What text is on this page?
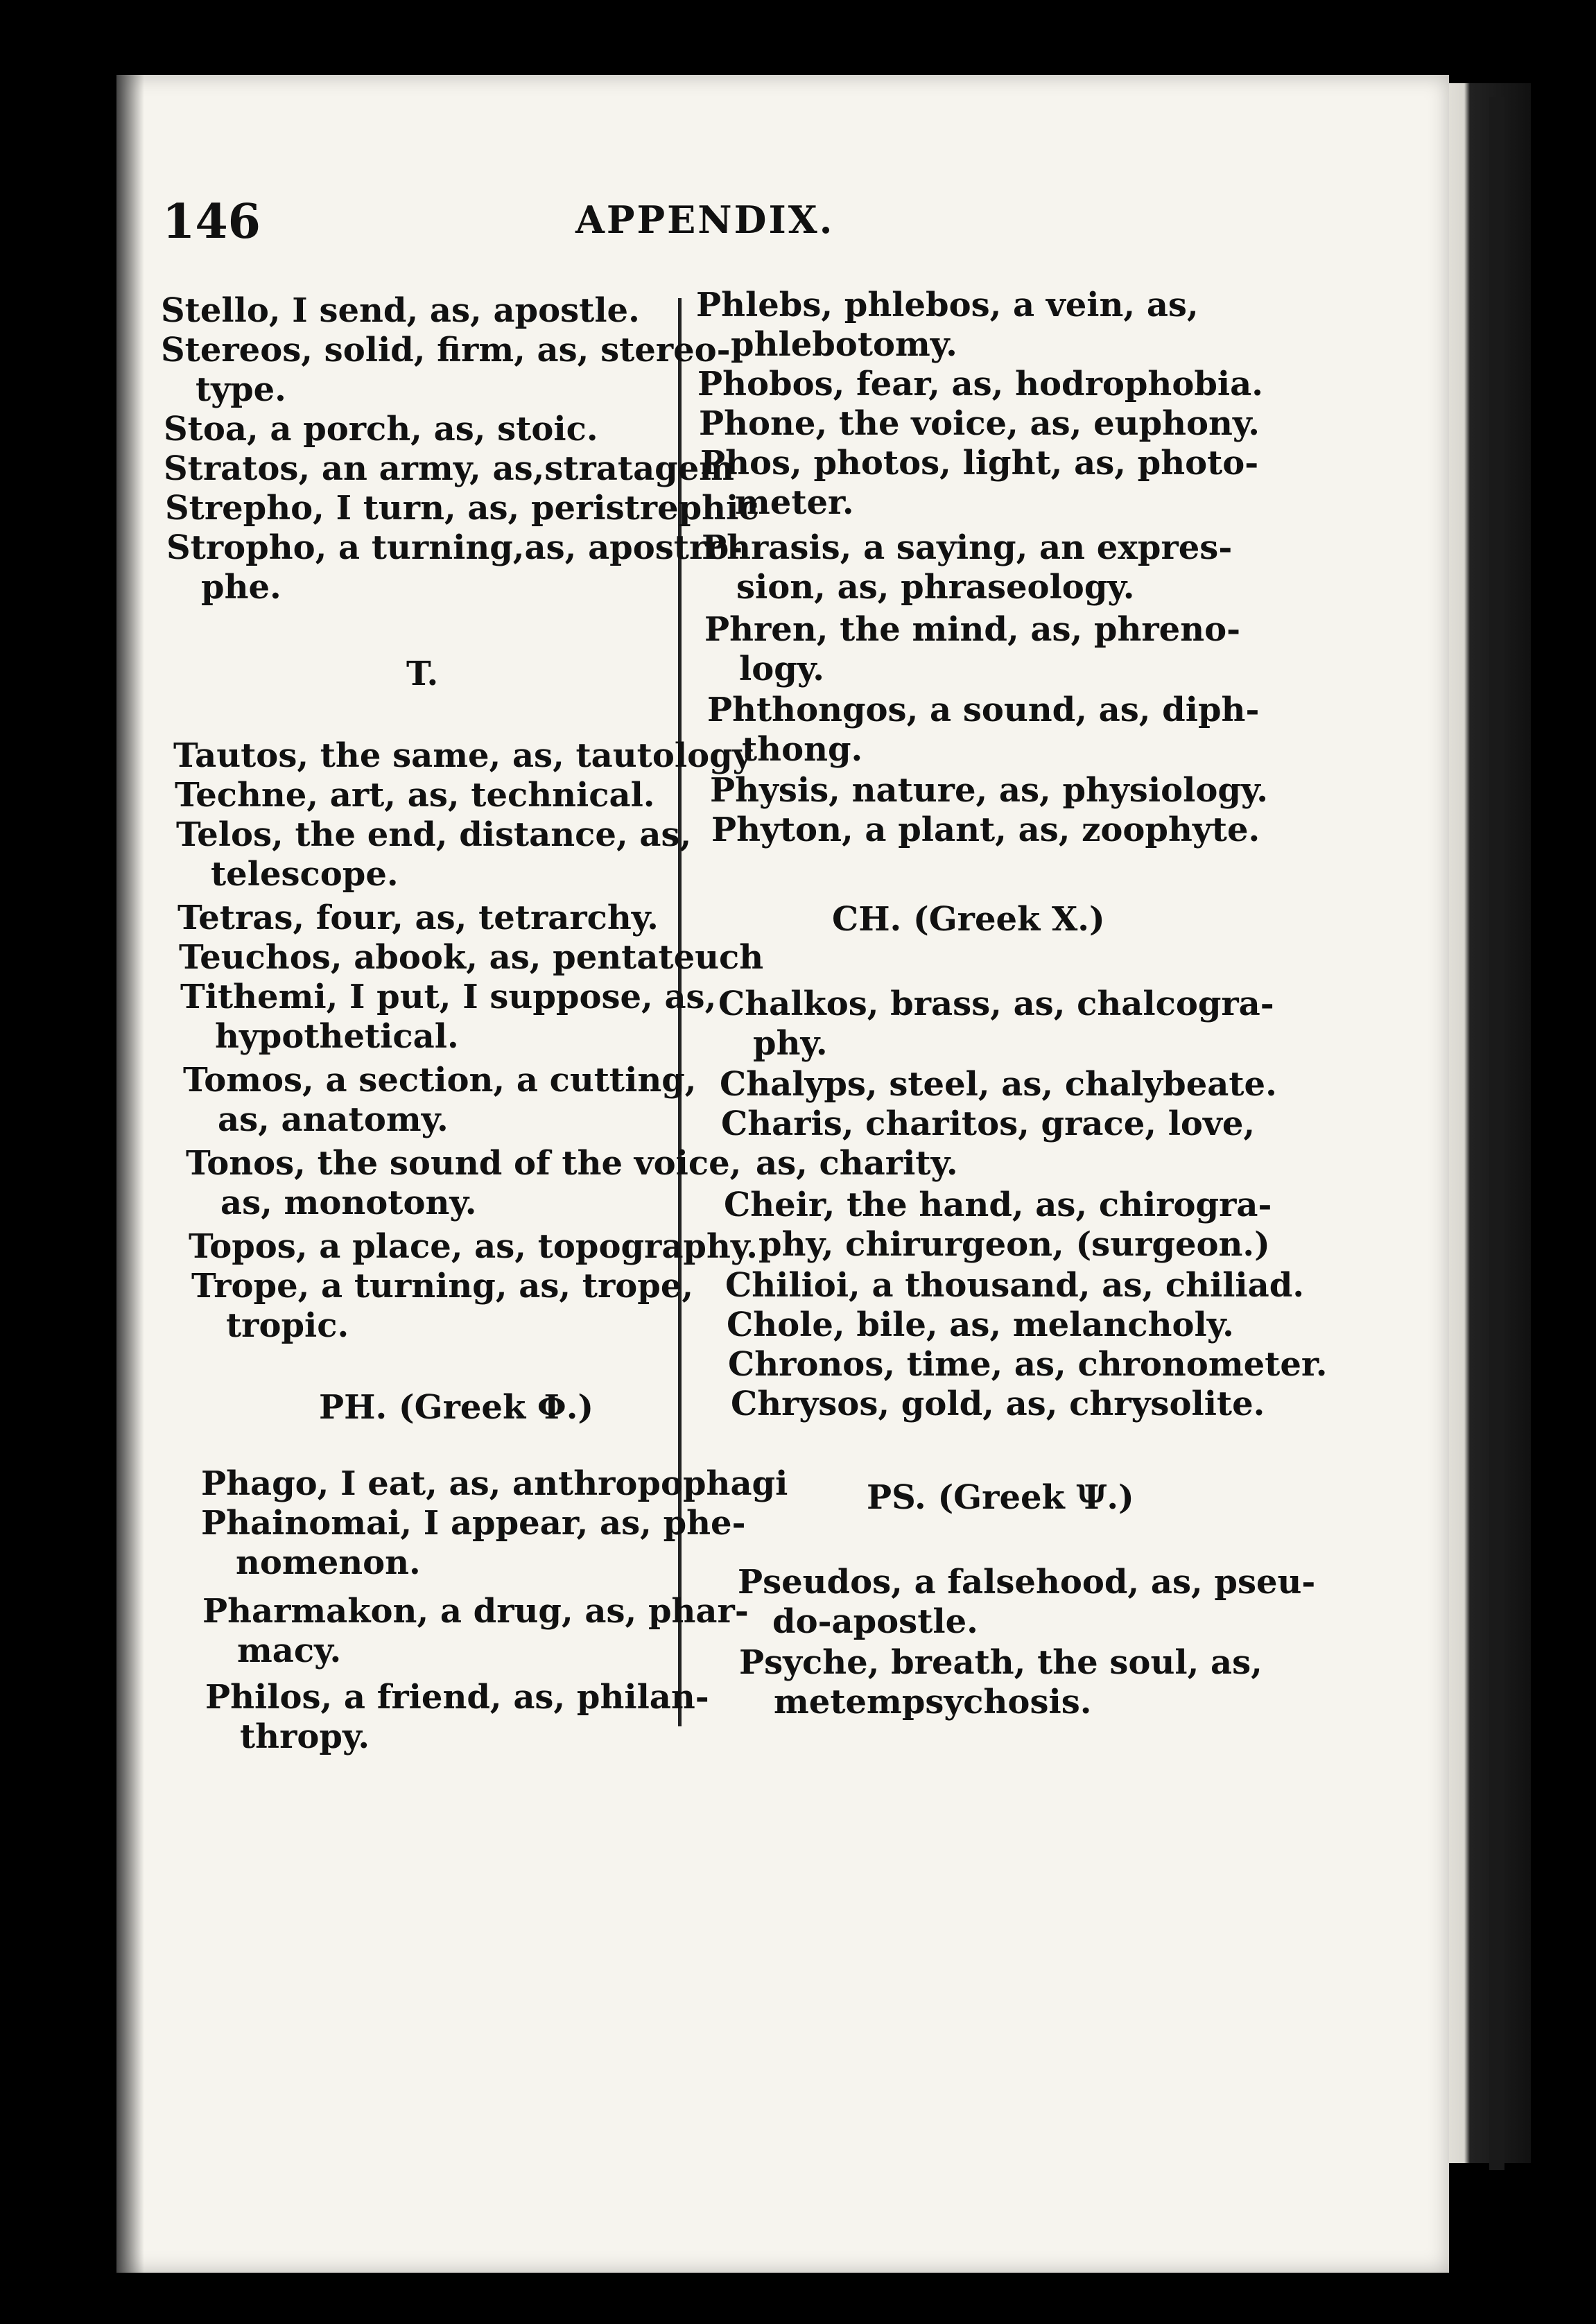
146	APPENDIX.

Stello, I send, as, apostle.

Stereos, solid, firm, as, stereo-
type.

Stoa, a porch, as, stoic.

Stratos, an army, as,stratagem

Strepho, I turn, as, peristrephic

Stropho, a turning,as, apostro-
phe.

T.

Tautos, the same, as, tautology

Techne, art, as, technical.

Telos, the end, distance, as,
telescope.

Tetras, four, as, tetrarchy.

Teuchos, abook, as, pentateuch

Tithemi, I put, I suppose, as,
hypothetical.

Tomos, a section, a cutting,
as, anatomy.

Tonos, the sound of the voice,
as, monotony.

Topos, a place, as, topography.

Trope, a turning, as, trope,
tropic.

PH. (Greek Φ.)

Phago, I eat, as, anthropophagi

Phainomai, I appear, as, phe-
nomenon.

Pharmakon, a drug, as, phar-
macy.

Philos, a friend, as, philan-
thropy.

Phlebs, phlebos, a vein, as,
phlebotomy.

Phobos, fear, as, hodrophobia.

Phone, the voice, as, euphony.

Phos, photos, light, as, photo-
meter.

Phrasis, a saying, an expres-
sion, as, phraseology.

Phren, the mind, as, phreno-
logy.

Phthongos, a sound, as, diph-
thong.

Physis, nature, as, physiology.

Phyton, a plant, as, zoophyte.

CH. (Greek X.)

Chalkos, brass, as, chalcogra-
phy.

Chalyps, steel, as, chalybeate.

Charis, charitos, grace, love,
as, charity.

Cheir, the hand, as, chirogra-
phy, chirurgeon, (surgeon.)

Chilioi, a thousand, as, chiliad.

Chole, bile, as, melancholy.

Chronos, time, as, chronometer.

Chrysos, gold, as, chrysolite.

PS. (Greek Ψ.)

Pseudos, a falsehood, as, pseu-
do-apostle.

Psyche, breath, the soul, as,
metempsychosis.
